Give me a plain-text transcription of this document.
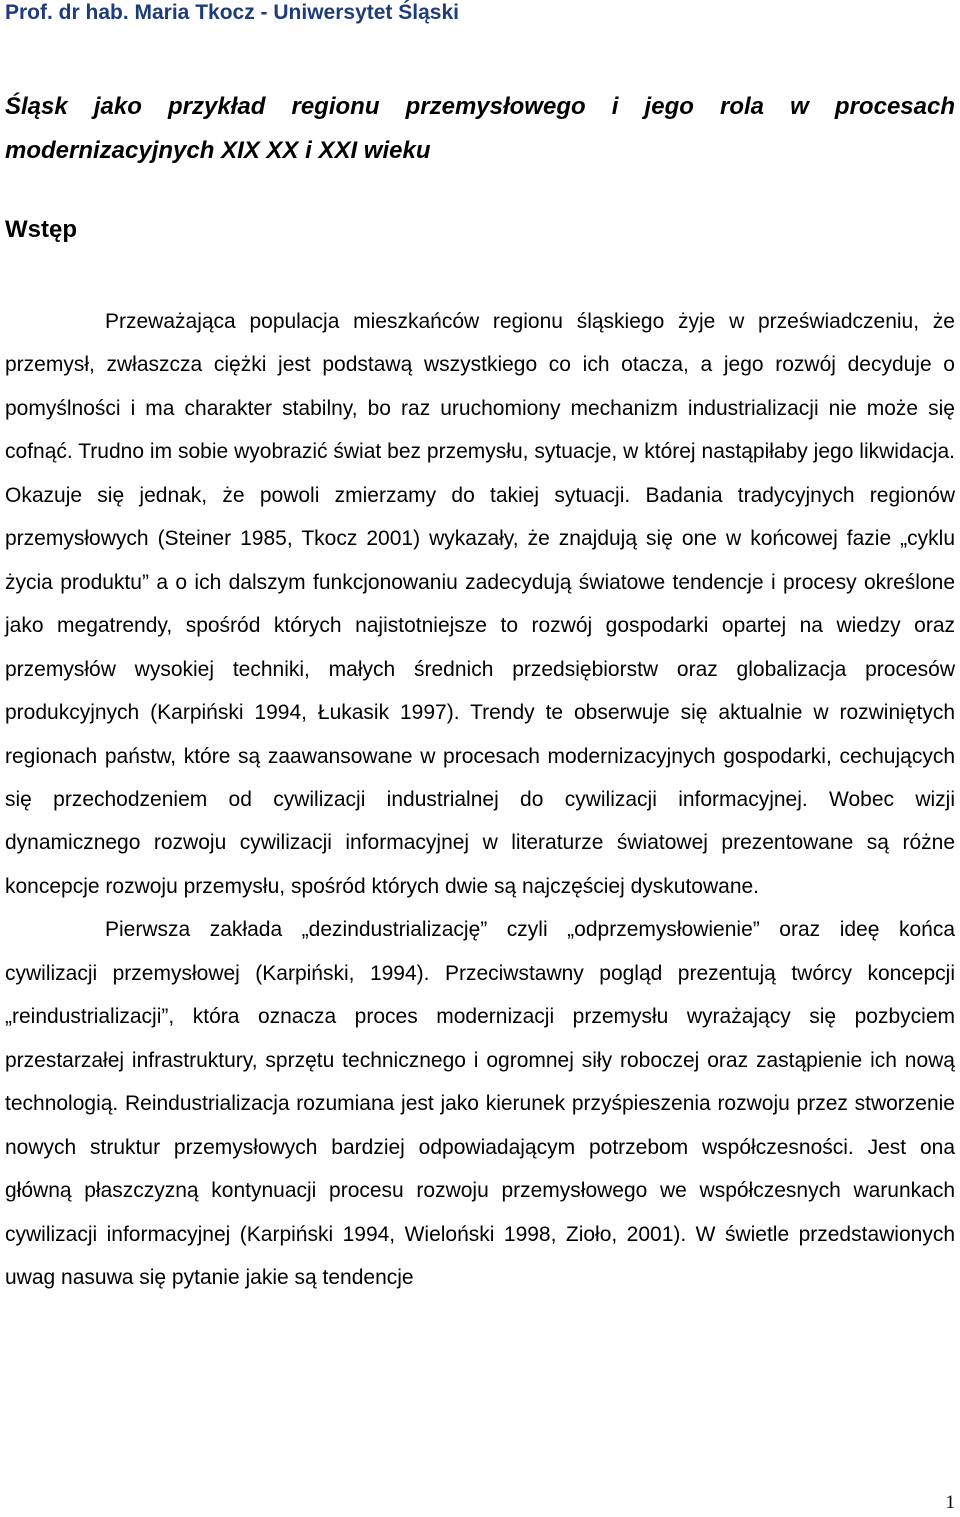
Prof. dr hab. Maria Tkocz - Uniwersytet Śląski
Śląsk jako przykład regionu przemysłowego i jego rola w procesach modernizacyjnych XIX XX i XXI wieku
Wstęp

Przeważająca populacja mieszkańców regionu śląskiego żyje w przeświadczeniu, że przemysł, zwłaszcza ciężki jest podstawą wszystkiego co ich otacza, a jego rozwój decyduje o pomyślności i ma charakter stabilny, bo raz uruchomiony mechanizm industrializacji nie może się cofnąć. Trudno im sobie wyobrazić świat bez przemysłu, sytuacje, w której nastąpiłaby jego likwidacja. Okazuje się jednak, że powoli zmierzamy do takiej sytuacji. Badania tradycyjnych regionów przemysłowych (Steiner 1985, Tkocz 2001) wykazały, że znajdują się one w końcowej fazie „cyklu życia produktu” a o ich dalszym funkcjonowaniu zadecydują światowe tendencje i procesy określone jako megatrendy, spośród których najistotniejsze to rozwój gospodarki opartej na wiedzy oraz przemysłów wysokiej techniki, małych średnich przedsiębiorstw oraz globalizacja procesów produkcyjnych (Karpiński 1994, Łukasik 1997). Trendy te obserwuje się aktualnie w rozwiniętych regionach państw, które są zaawansowane w procesach modernizacyjnych gospodarki, cechujących się przechodzeniem od cywilizacji industrialnej do cywilizacji informacyjnej. Wobec wizji dynamicznego rozwoju cywilizacji informacyjnej w literaturze światowej prezentowane są różne koncepcje rozwoju przemysłu, spośród których dwie są najczęściej dyskutowane.

Pierwsza zakłada „dezindustrializację” czyli „odprzemysłowienie” oraz ideę końca cywilizacji przemysłowej (Karpiński, 1994). Przeciwstawny pogląd prezentują twórcy koncepcji „reindustrializacji”, która oznacza proces modernizacji przemysłu wyrażający się pozbyciem przestarzałej infrastruktury, sprzętu technicznego i ogromnej siły roboczej oraz zastąpienie ich nową technologią. Reindustrializacja rozumiana jest jako kierunek przyśpieszenia rozwoju przez stworzenie nowych struktur przemysłowych bardziej odpowiadającym potrzebom współczesności. Jest ona główną płaszczyzną kontynuacji procesu rozwoju przemysłowego we współczesnych warunkach cywilizacji informacyjnej (Karpiński 1994, Wieloński 1998, Zioło, 2001). W świetle przedstawionych uwag nasuwa się pytanie jakie są tendencje

1
